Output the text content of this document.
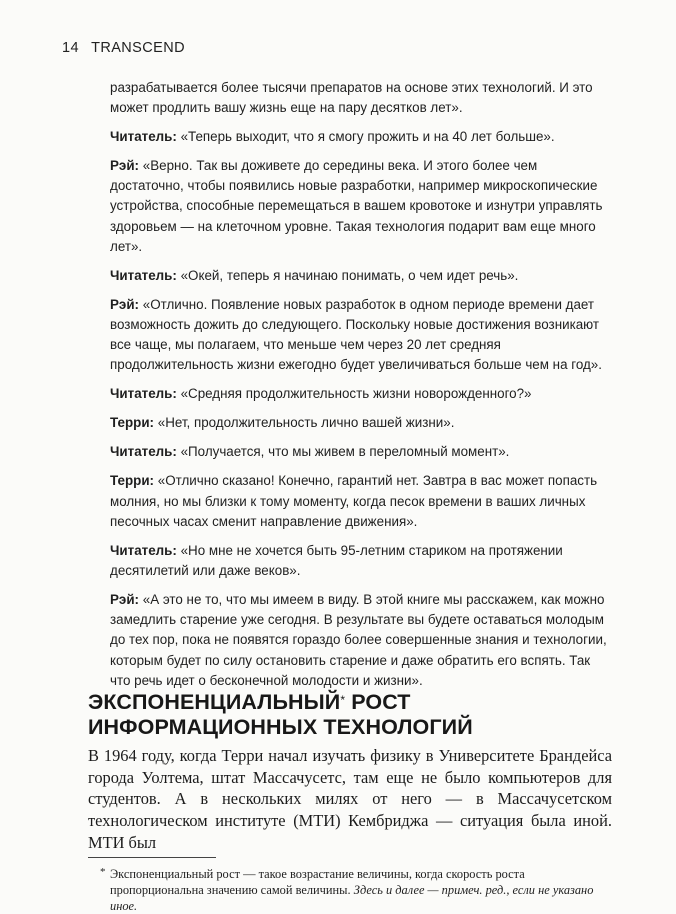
14 TRANSCEND

разрабатывается более тысячи препаратов на основе этих технологий. И это может продлить вашу жизнь еще на пару десятков лет».

Читатель: «Теперь выходит, что я смогу прожить и на 40 лет больше».

Рэй: «Верно. Так вы доживете до середины века. И этого более чем достаточно, чтобы появились новые разработки, например микроскопические устройства, способные перемещаться в вашем кровотоке и изнутри управлять здоровьем — на клеточном уровне. Такая технология подарит вам еще много лет».

Читатель: «Окей, теперь я начинаю понимать, о чем идет речь».

Рэй: «Отлично. Появление новых разработок в одном периоде времени дает возможность дожить до следующего. Поскольку новые достижения возникают все чаще, мы полагаем, что меньше чем через 20 лет средняя продолжительность жизни ежегодно будет увеличиваться больше чем на год».

Читатель: «Средняя продолжительность жизни новорожденного?»

Терри: «Нет, продолжительность лично вашей жизни».

Читатель: «Получается, что мы живем в переломный момент».

Терри: «Отлично сказано! Конечно, гарантий нет. Завтра в вас может попасть молния, но мы близки к тому моменту, когда песок времени в ваших личных песочных часах сменит направление движения».

Читатель: «Но мне не хочется быть 95-летним стариком на протяжении десятилетий или даже веков».

Рэй: «А это не то, что мы имеем в виду. В этой книге мы расскажем, как можно замедлить старение уже сегодня. В результате вы будете оставаться молодым до тех пор, пока не появятся гораздо более совершенные знания и технологии, которым будет по силу остановить старение и даже обратить его вспять. Так что речь идет о бесконечной молодости и жизни».

ЭКСПОНЕНЦИАЛЬНЫЙ* РОСТ ИНФОРМАЦИОННЫХ ТЕХНОЛОГИЙ
В 1964 году, когда Терри начал изучать физику в Университете Брандейса города Уолтема, штат Массачусетс, там еще не было компьютеров для студентов. А в нескольких милях от него — в Массачусетском технологическом институте (МТИ) Кембриджа — ситуация была иной. МТИ был
* Экспоненциальный рост — такое возрастание величины, когда скорость роста пропорциональна значению самой величины. Здесь и далее — примеч. ред., если не указано иное.
